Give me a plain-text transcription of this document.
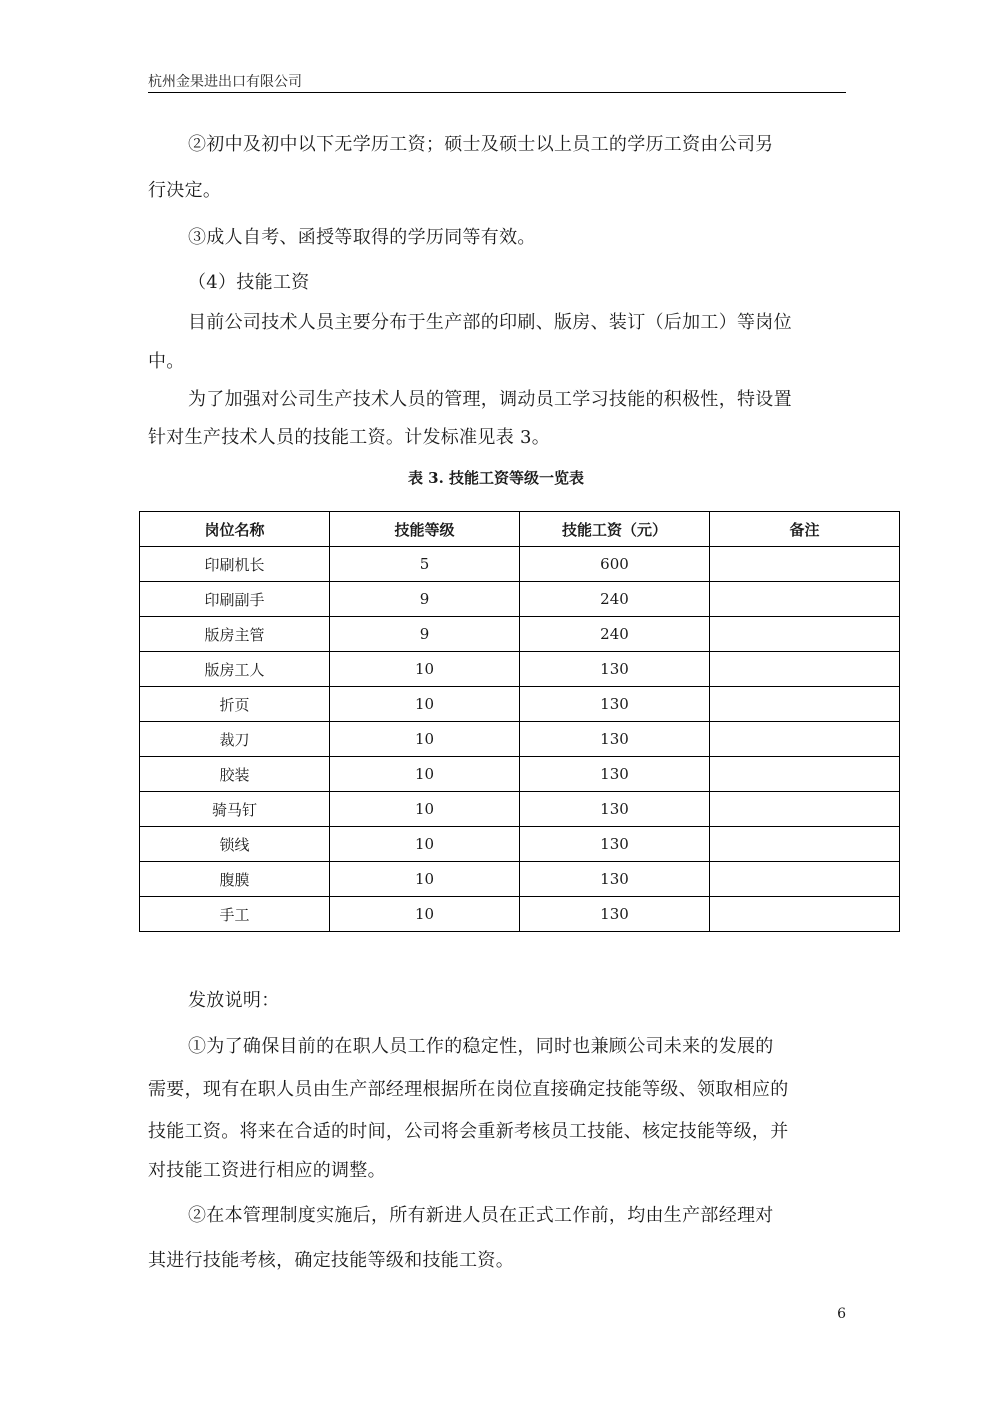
杭州金果进出口有限公司
②初中及初中以下无学历工资；硕士及硕士以上员工的学历工资由公司另
行决定。
③成人自考、函授等取得的学历同等有效。
（4）技能工资
目前公司技术人员主要分布于生产部的印刷、版房、装订（后加工）等岗位
中。
为了加强对公司生产技术人员的管理，调动员工学习技能的积极性，特设置
针对生产技术人员的技能工资。计发标准见表 3。
表 3. 技能工资等级一览表
岗位名称	技能等级	技能工资（元）	备注
印刷机长	5	600	
印刷副手	9	240	
版房主管	9	240	
版房工人	10	130	
折页	10	130	
裁刀	10	130	
胶装	10	130	
骑马钉	10	130	
锁线	10	130	
腹膜	10	130	
手工	10	130	
发放说明：
①为了确保目前的在职人员工作的稳定性，同时也兼顾公司未来的发展的
需要，现有在职人员由生产部经理根据所在岗位直接确定技能等级、领取相应的
技能工资。将来在合适的时间，公司将会重新考核员工技能、核定技能等级，并
对技能工资进行相应的调整。
②在本管理制度实施后，所有新进人员在正式工作前，均由生产部经理对
其进行技能考核，确定技能等级和技能工资。
6
